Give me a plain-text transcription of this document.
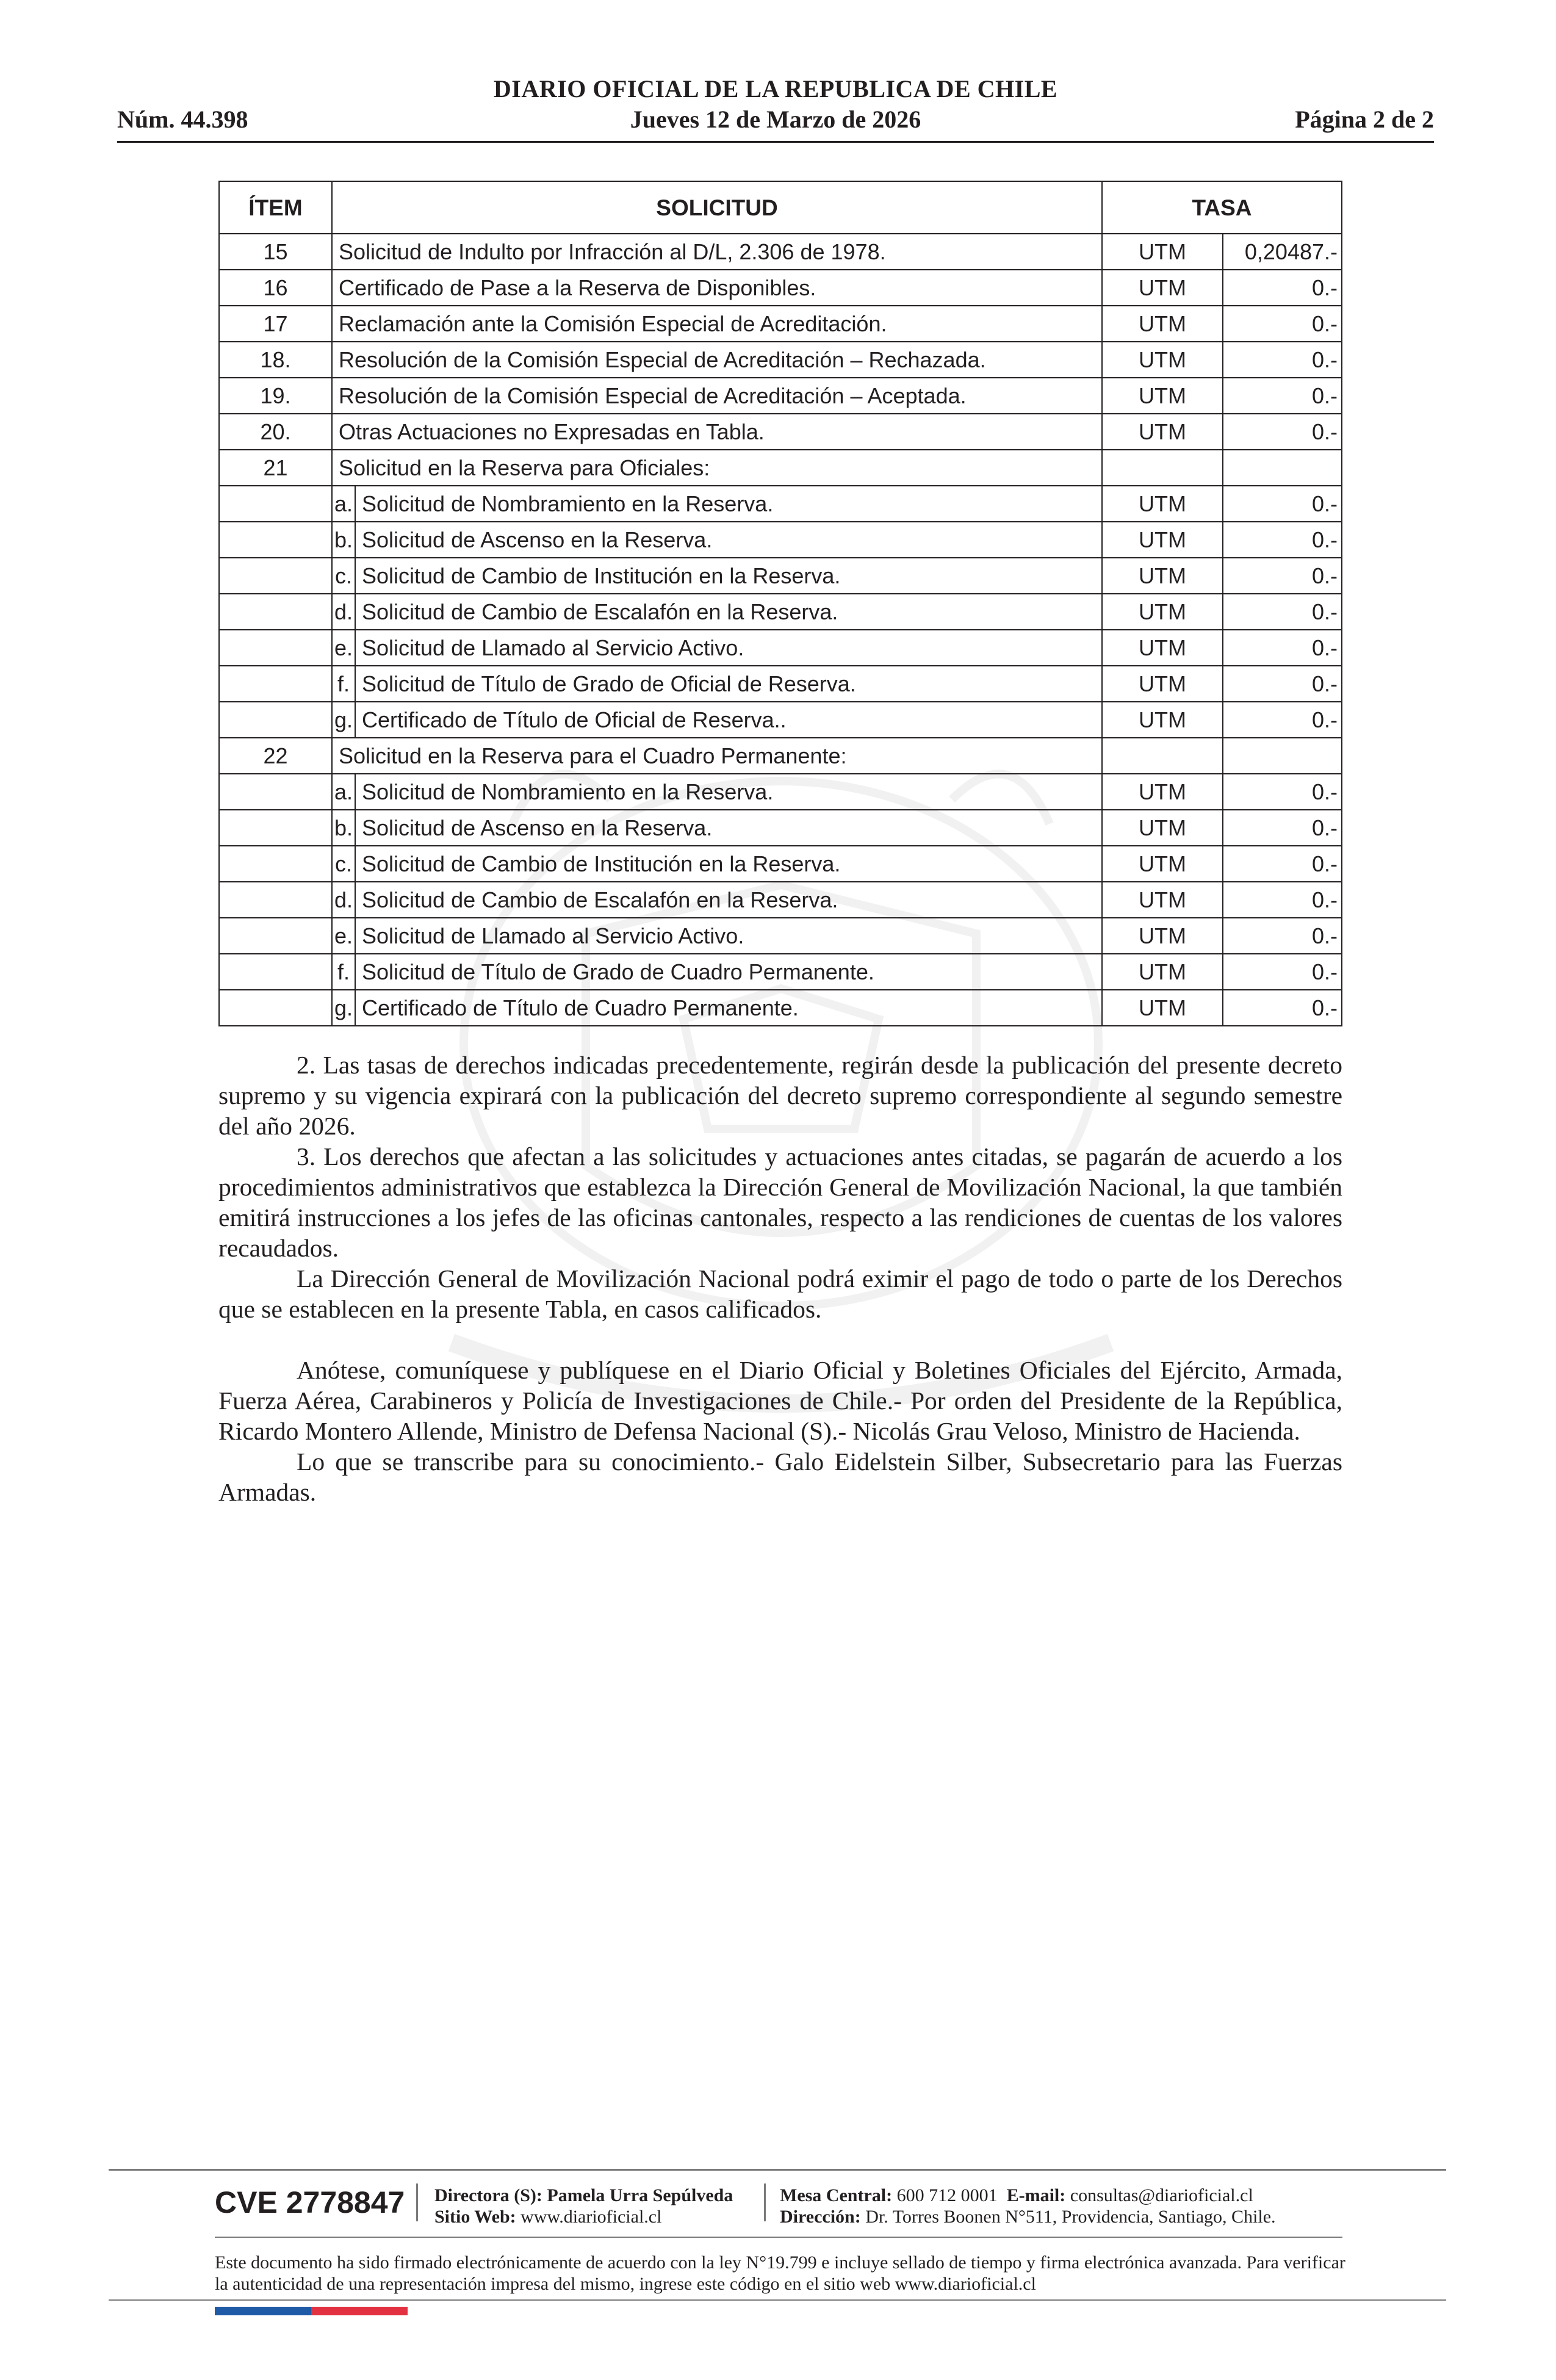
DIARIO OFICIAL DE LA REPUBLICA DE CHILE
Núm. 44.398	Jueves 12 de Marzo de 2026	Página 2 de 2
ÍTEM	SOLICITUD		TASA	
15	Solicitud de Indulto por Infracción al D/L, 2.306 de 1978.		UTM	0,20487.-
16	Certificado de Pase a la Reserva de Disponibles.		UTM	0.-
17	Reclamación ante la Comisión Especial de Acreditación.		UTM	0.-
18.	Resolución de la Comisión Especial de Acreditación – Rechazada.		UTM	0.-
19.	Resolución de la Comisión Especial de Acreditación – Aceptada.		UTM	0.-
20.	Otras Actuaciones no Expresadas en Tabla.		UTM	0.-
21	Solicitud en la Reserva para Oficiales:			
	a.	Solicitud de Nombramiento en la Reserva.	UTM	0.-
	b.	Solicitud de Ascenso en la Reserva.	UTM	0.-
	c.	Solicitud de Cambio de Institución en la Reserva.	UTM	0.-
	d.	Solicitud de Cambio de Escalafón en la Reserva.	UTM	0.-
	e.	Solicitud de Llamado al Servicio Activo.	UTM	0.-
	f.	Solicitud de Título de Grado de Oficial de Reserva.	UTM	0.-
	g.	Certificado de Título de Oficial de Reserva..	UTM	0.-
22	Solicitud en la Reserva para el Cuadro Permanente:			
	a.	Solicitud de Nombramiento en la Reserva.	UTM	0.-
	b.	Solicitud de Ascenso en la Reserva.	UTM	0.-
	c.	Solicitud de Cambio de Institución en la Reserva.	UTM	0.-
	d.	Solicitud de Cambio de Escalafón en la Reserva.	UTM	0.-
	e.	Solicitud de Llamado al Servicio Activo.	UTM	0.-
	f.	Solicitud de Título de Grado de Cuadro Permanente.	UTM	0.-
	g.	Certificado de Título de Cuadro Permanente.	UTM	0.-

2. Las tasas de derechos indicadas precedentemente, regirán desde la publicación del presente decreto supremo y su vigencia expirará con la publicación del decreto supremo correspondiente al segundo semestre del año 2026.

3. Los derechos que afectan a las solicitudes y actuaciones antes citadas, se pagarán de acuerdo a los procedimientos administrativos que establezca la Dirección General de Movilización Nacional, la que también emitirá instrucciones a los jefes de las oficinas cantonales, respecto a las rendiciones de cuentas de los valores recaudados.

La Dirección General de Movilización Nacional podrá eximir el pago de todo o parte de los Derechos que se establecen en la presente Tabla, en casos calificados.

Anótese, comuníquese y publíquese en el Diario Oficial y Boletines Oficiales del Ejército, Armada, Fuerza Aérea, Carabineros y Policía de Investigaciones de Chile.- Por orden del Presidente de la República, Ricardo Montero Allende, Ministro de Defensa Nacional (S).- Nicolás Grau Veloso, Ministro de Hacienda.

Lo que se transcribe para su conocimiento.- Galo Eidelstein Silber, Subsecretario para las Fuerzas Armadas.

CVE 2778847 Directora (S): Pamela Urra Sepúlveda
Sitio Web: www.diarioficial.cl
Mesa Central: 600 712 0001 E-mail: consultas@diarioficial.cl
Dirección: Dr. Torres Boonen N°511, Providencia, Santiago, Chile.
Este documento ha sido firmado electrónicamente de acuerdo con la ley N°19.799 e incluye sellado de tiempo y firma electrónica avanzada. Para verificar la autenticidad de una representación impresa del mismo, ingrese este código en el sitio web www.diarioficial.cl
